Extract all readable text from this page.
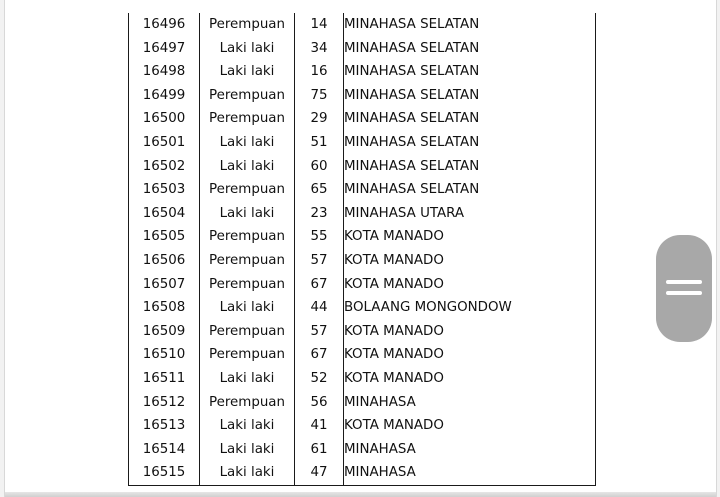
16496	Perempuan	14	MINAHASA SELATAN
16497	Laki laki	34	MINAHASA SELATAN
16498	Laki laki	16	MINAHASA SELATAN
16499	Perempuan	75	MINAHASA SELATAN
16500	Perempuan	29	MINAHASA SELATAN
16501	Laki laki	51	MINAHASA SELATAN
16502	Laki laki	60	MINAHASA SELATAN
16503	Perempuan	65	MINAHASA SELATAN
16504	Laki laki	23	MINAHASA UTARA
16505	Perempuan	55	KOTA MANADO
16506	Perempuan	57	KOTA MANADO
16507	Perempuan	67	KOTA MANADO
16508	Laki laki	44	BOLAANG MONGONDOW
16509	Perempuan	57	KOTA MANADO
16510	Perempuan	67	KOTA MANADO
16511	Laki laki	52	KOTA MANADO
16512	Perempuan	56	MINAHASA
16513	Laki laki	41	KOTA MANADO
16514	Laki laki	61	MINAHASA
16515	Laki laki	47	MINAHASA
